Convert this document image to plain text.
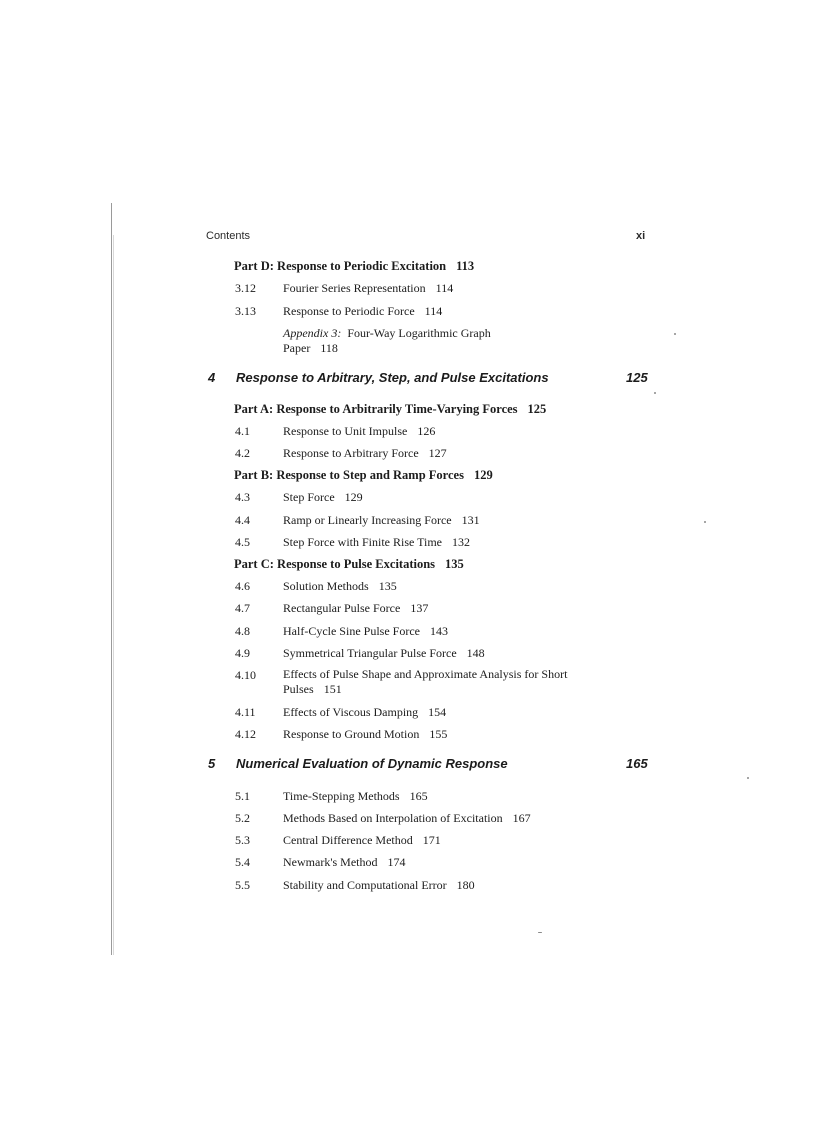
Contents	xi
Part D: Response to Periodic Excitation 113
3.12 Fourier Series Representation 114
3.13 Response to Periodic Force 114
Appendix 3: Four-Way Logarithmic Graph
Paper 118
4 Response to Arbitrary, Step, and Pulse Excitations	125
Part A: Response to Arbitrarily Time-Varying Forces 125
4.1	Response to Unit Impulse 126
4.2	Response to Arbitrary Force 127
Part B: Response to Step and Ramp Forces 129
4.3	Step Force 129
4.4	Ramp or Linearly Increasing Force 131
4.5	Step Force with Finite Rise Time 132
Part C: Response to Pulse Excitations 135
4.6	Solution Methods 135
4.7	Rectangular Pulse Force 137
4.8	Half-Cycle Sine Pulse Force 143
4.9	Symmetrical Triangular Pulse Force 148
4.10 Effects of Pulse Shape and Approximate Analysis for Short Pulses 151
4.11 Effects of Viscous Damping 154
4.12 Response to Ground Motion 155
5 Numerical Evaluation of Dynamic Response	165
5.1	Time-Stepping Methods 165
5.2	Methods Based on Interpolation of Excitation 167
5.3	Central Difference Method 171
5.4	Newmark's Method 174
5.5	Stability and Computational Error 180
